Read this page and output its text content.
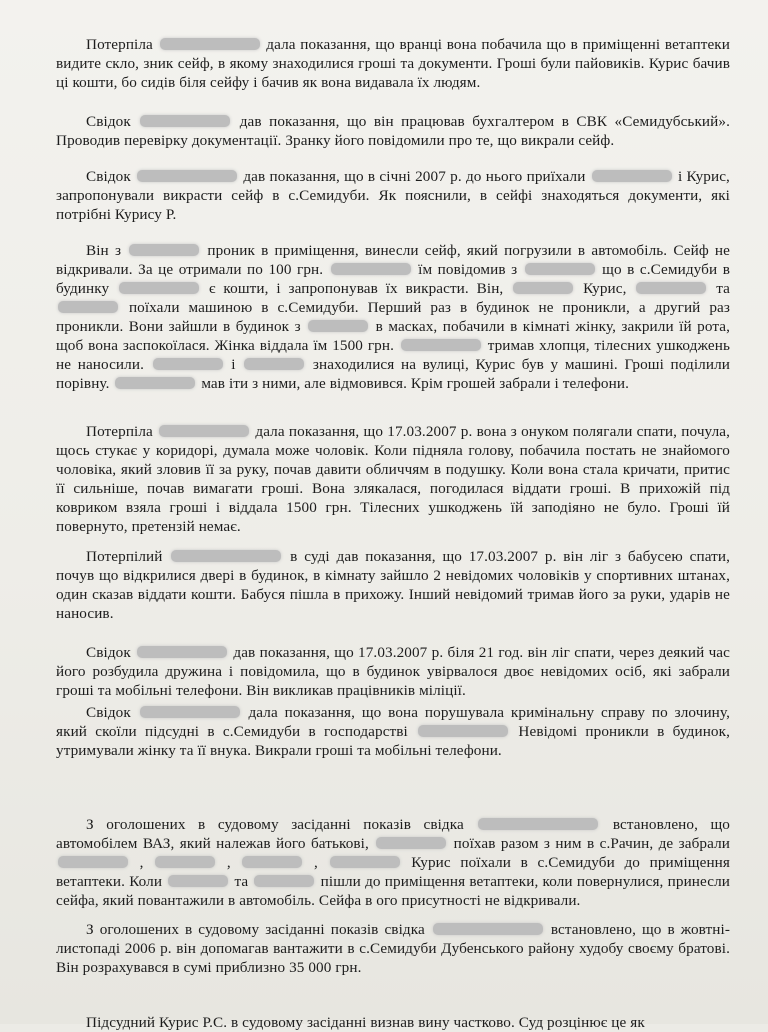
Потерпіла	дала показання, що вранці вона побачила що в приміщенні ветаптеки видите скло, зник сейф, в якому знаходилися гроші та документи. Гроші були пайовиків. Курис бачив ці кошти, бо сидів біля сейфу і бачив як вона видавала їх людям.

Свідок	дав показання, що він працював бухгалтером в СВК «Семидубський». Проводив перевірку документації. Зранку його повідомили про те, що викрали сейф.

Свідок	дав показання, що в січні 2007 р. до нього приїхали	і Курис, запропонували викрасти сейф в с.Семидуби. Як пояснили, в сейфі знаходяться документи, які потрібні Курису Р.

Він з	проник в приміщення, винесли сейф, який погрузили в автомобіль. Сейф не відкривали. За це отримали по 100 грн.	їм повідомив з	що в с.Семидуби в будинку	є кошти, і запропонував їх викрасти. Він,	Курис,	та  поїхали машиною в с.Семидуби. Перший раз в будинок не проникли, а другий раз проникли. Вони зайшли в будинок з	в масках, побачили в кімнаті жінку, закрили їй рота, щоб вона заспокоїлася. Жінка віддала їм 1500 грн.	тримав хлопця, тілесних ушкоджень не наносили.	і	знаходилися на вулиці, Курис був у машині. Гроші поділили порівну.	мав іти з ними, але відмовився. Крім грошей забрали і телефони.

Потерпіла	дала показання, що 17.03.2007 р. вона з онуком полягали спати, почула, щось стукає у коридорі, думала може чоловік. Коли підняла голову, побачила постать не знайомого чоловіка, який зловив її за руку, почав давити обличчям в подушку. Коли вона стала кричати, притис її сильніше, почав вимагати гроші. Вона злякалася, погодилася віддати гроші. В прихожій під ковриком взяла гроші і віддала 1500 грн. Тілесних ушкоджень їй заподіяно не було. Гроші їй повернуто, претензій немає.

Потерпілий	в суді дав показання, що 17.03.2007 р. він ліг з бабусею спати, почув що відкрилися двері в будинок, в кімнату зайшло 2 невідомих чоловіків у спортивних штанах, один сказав віддати кошти. Бабуся пішла в прихожу. Інший невідомий тримав його за руки, ударів не наносив.

Свідок	дав показання, що 17.03.2007 р. біля 21 год. він ліг спати, через деякий час його розбудила дружина і повідомила, що в будинок увірвалося двоє невідомих осіб, які забрали гроші та мобільні телефони. Він викликав працівників міліції.

Свідок	дала показання, що вона порушувала кримінальну справу по злочину, який скоїли підсудні в с.Семидуби в господарстві	Невідомі проникли в будинок, утримували жінку та її внука. Викрали гроші та мобільні телефони.

З оголошених в судовому засіданні показів свідка	встановлено, що автомобілем ВАЗ, який належав його батькові,	поїхав разом з ним в с.Рачин, де забрали  ,	,	,	Курис поїхали в с.Семидуби до приміщення ветаптеки. Коли	та	пішли до приміщення ветаптеки, коли повернулися, принесли сейфа, який повантажили в автомобіль. Сейфа в ого присутності не відкривали.

З оголошених в судовому засіданні показів свідка	встановлено, що в жовтні-листопаді 2006 р. він допомагав вантажити в с.Семидуби Дубенського району худобу своєму братові. Він розрахувався в сумі приблизно 35 000 грн.

Підсудний Курис Р.С. в судовому засіданні визнав вину частково. Суд розцінює це як
